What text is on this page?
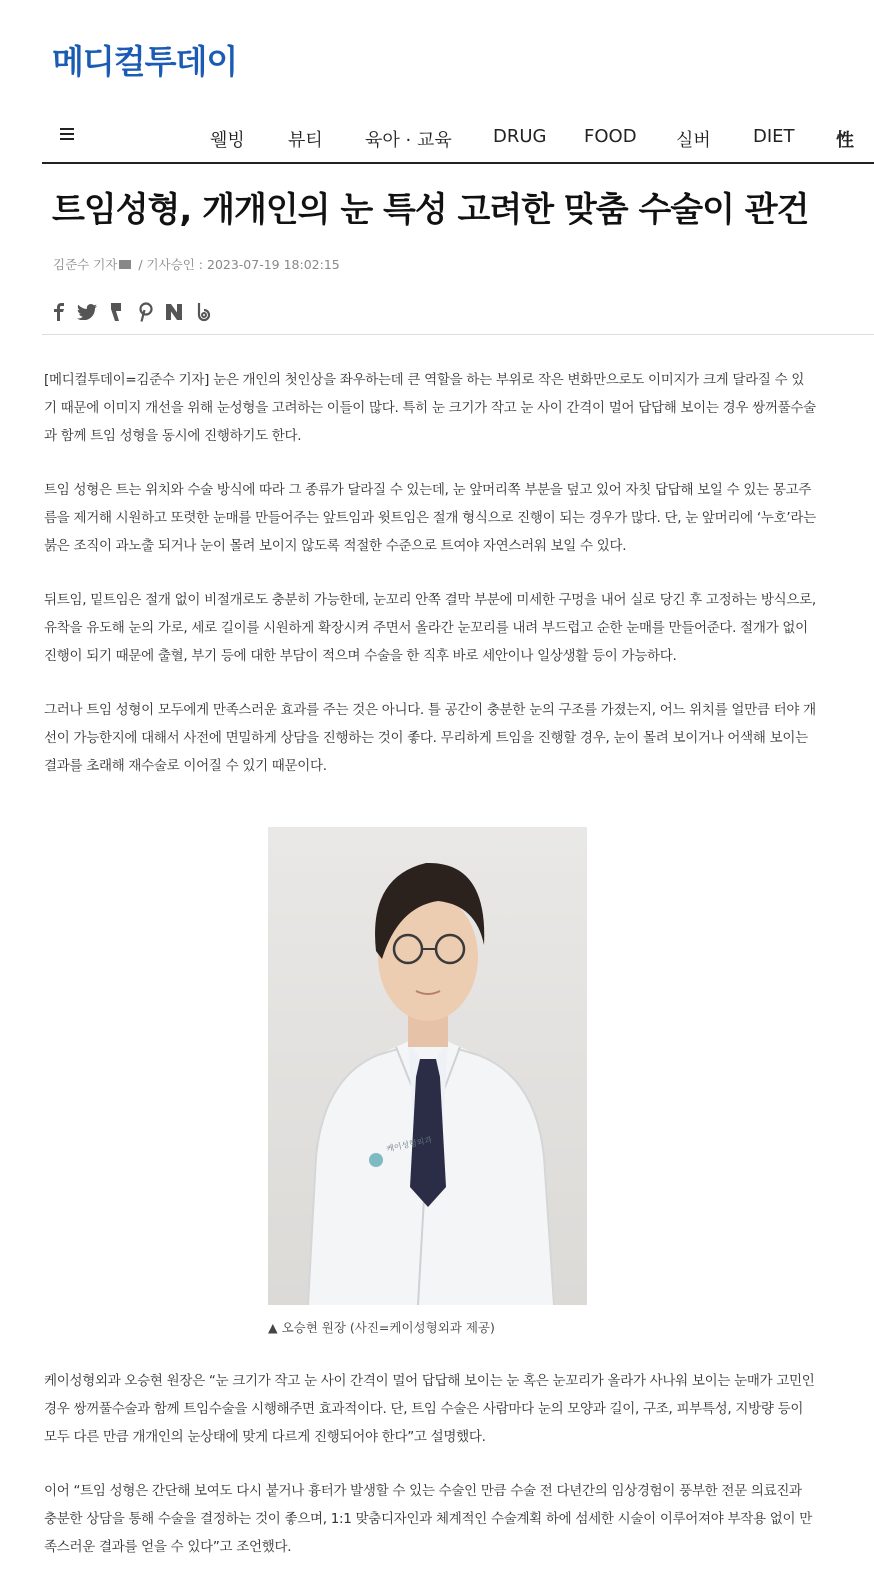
메디컬투데이
웰빙 뷰티 육아 · 교육 DRUG FOOD 실버 DIET 性
트임성형, 개개인의 눈 특성 고려한 맞춤 수술이 관건
김준수 기자 / 기사승인 : 2023-07-19 18:02:15

[메디컬투데이=김준수 기자] 눈은 개인의 첫인상을 좌우하는데 큰 역할을 하는 부위로 작은 변화만으로도 이미지가 크게 달라질 수 있기 때문에 이미지 개선을 위해 눈성형을 고려하는 이들이 많다. 특히 눈 크기가 작고 눈 사이 간격이 멀어 답답해 보이는 경우 쌍꺼풀수술과 함께 트임 성형을 동시에 진행하기도 한다.

트임 성형은 트는 위치와 수술 방식에 따라 그 종류가 달라질 수 있는데, 눈 앞머리쪽 부분을 덮고 있어 자칫 답답해 보일 수 있는 몽고주름을 제거해 시원하고 또렷한 눈매를 만들어주는 앞트임과 윗트임은 절개 형식으로 진행이 되는 경우가 많다. 단, 눈 앞머리에 ‘누호’라는 붉은 조직이 과노출 되거나 눈이 몰려 보이지 않도록 적절한 수준으로 트여야 자연스러워 보일 수 있다.

뒤트임, 밑트임은 절개 없이 비절개로도 충분히 가능한데, 눈꼬리 안쪽 결막 부분에 미세한 구멍을 내어 실로 당긴 후 고정하는 방식으로, 유착을 유도해 눈의 가로, 세로 길이를 시원하게 확장시켜 주면서 올라간 눈꼬리를 내려 부드럽고 순한 눈매를 만들어준다. 절개가 없이 진행이 되기 때문에 출혈, 부기 등에 대한 부담이 적으며 수술을 한 직후 바로 세안이나 일상생활 등이 가능하다.

그러나 트임 성형이 모두에게 만족스러운 효과를 주는 것은 아니다. 틀 공간이 충분한 눈의 구조를 가졌는지, 어느 위치를 얼만큼 터야 개선이 가능한지에 대해서 사전에 면밀하게 상담을 진행하는 것이 좋다. 무리하게 트임을 진행할 경우, 눈이 몰려 보이거나 어색해 보이는 결과를 초래해 재수술로 이어질 수 있기 때문이다.

케이성형외과
▲ 오승현 원장 (사진=케이성형외과 제공)

케이성형외과 오승현 원장은 “눈 크기가 작고 눈 사이 간격이 멀어 답답해 보이는 눈 혹은 눈꼬리가 올라가 사나워 보이는 눈매가 고민인 경우 쌍꺼풀수술과 함께 트임수술을 시행해주면 효과적이다. 단, 트임 수술은 사람마다 눈의 모양과 길이, 구조, 피부특성, 지방량 등이 모두 다른 만큼 개개인의 눈상태에 맞게 다르게 진행되어야 한다”고 설명했다.

이어 “트임 성형은 간단해 보여도 다시 붙거나 흉터가 발생할 수 있는 수술인 만큼 수술 전 다년간의 임상경험이 풍부한 전문 의료진과 충분한 상담을 통해 수술을 결정하는 것이 좋으며, 1:1 맞춤디자인과 체계적인 수술계획 하에 섬세한 시술이 이루어져야 부작용 없이 만족스러운 결과를 얻을 수 있다”고 조언했다.
